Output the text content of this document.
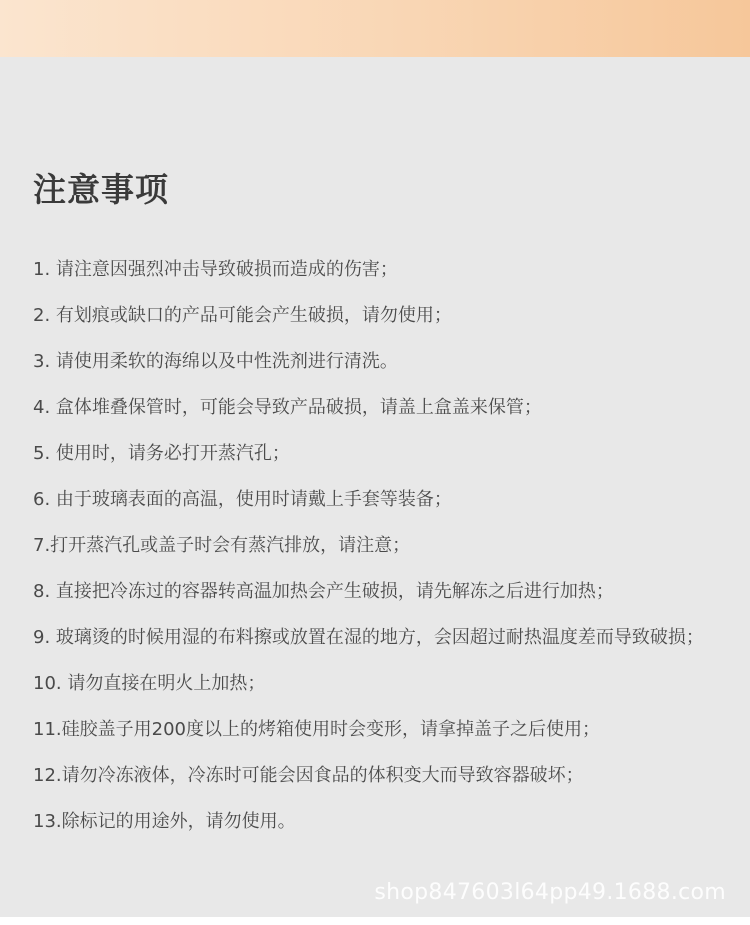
注意事项
1. 请注意因强烈冲击导致破损而造成的伤害；
2. 有划痕或缺口的产品可能会产生破损，请勿使用；
3. 请使用柔软的海绵以及中性洗剂进行清洗。
4. 盒体堆叠保管时，可能会导致产品破损，请盖上盒盖来保管；
5. 使用时，请务必打开蒸汽孔；
6. 由于玻璃表面的高温，使用时请戴上手套等装备；
7.打开蒸汽孔或盖子时会有蒸汽排放，请注意；
8. 直接把冷冻过的容器转高温加热会产生破损，请先解冻之后进行加热；
9. 玻璃烫的时候用湿的布料擦或放置在湿的地方，会因超过耐热温度差而导致破损；
10. 请勿直接在明火上加热；
11.硅胶盖子用200度以上的烤箱使用时会变形，请拿掉盖子之后使用；
12.请勿冷冻液体，冷冻时可能会因食品的体积变大而导致容器破坏；
13.除标记的用途外，请勿使用。
shop847603l64pp49.1688.com
